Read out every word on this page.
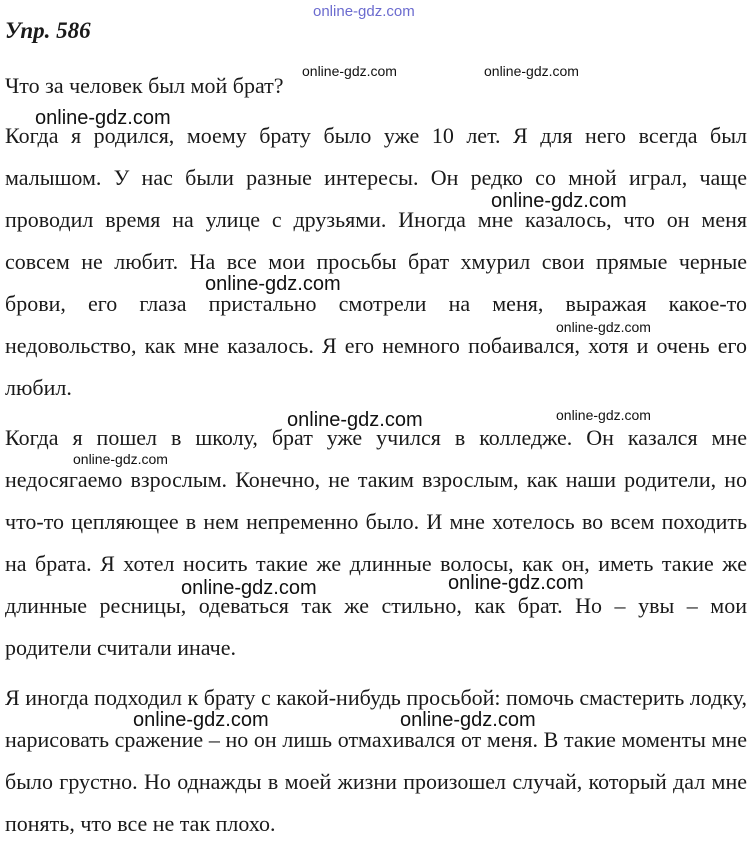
Упр. 586
Что за человек был мой брат?

Когда я родился, моему брату было уже 10 лет. Я для него всегда был малышом. У нас были разные интересы. Он редко со мной играл, чаще проводил время на улице с друзьями. Иногда мне казалось, что он меня совсем не любит. На все мои просьбы брат хмурил свои прямые черные брови, его глаза пристально смотрели на меня, выражая какое-то недовольство, как мне казалось. Я его немного побаивался, хотя и очень его любил.

Когда я пошел в школу, брат уже учился в колледже. Он казался мне недосягаемо взрослым. Конечно, не таким взрослым, как наши родители, но что-то цепляющее в нем непременно было. И мне хотелось во всем походить на брата. Я хотел носить такие же длинные волосы, как он, иметь такие же длинные ресницы, одеваться так же стильно, как брат. Но – увы – мои родители считали иначе.

Я иногда подходил к брату с какой-нибудь просьбой: помочь смастерить лодку, нарисовать сражение – но он лишь отмахивался от меня. В такие моменты мне было грустно. Но однажды в моей жизни произошел случай, который дал мне понять, что все не так плохо.

online-gdz.com
online-gdz.com	online-gdz.com
online-gdz.com
online-gdz.com
online-gdz.com
online-gdz.com
online-gdz.com	online-gdz.com
online-gdz.com
online-gdz.com	online-gdz.com
online-gdz.com	online-gdz.com
